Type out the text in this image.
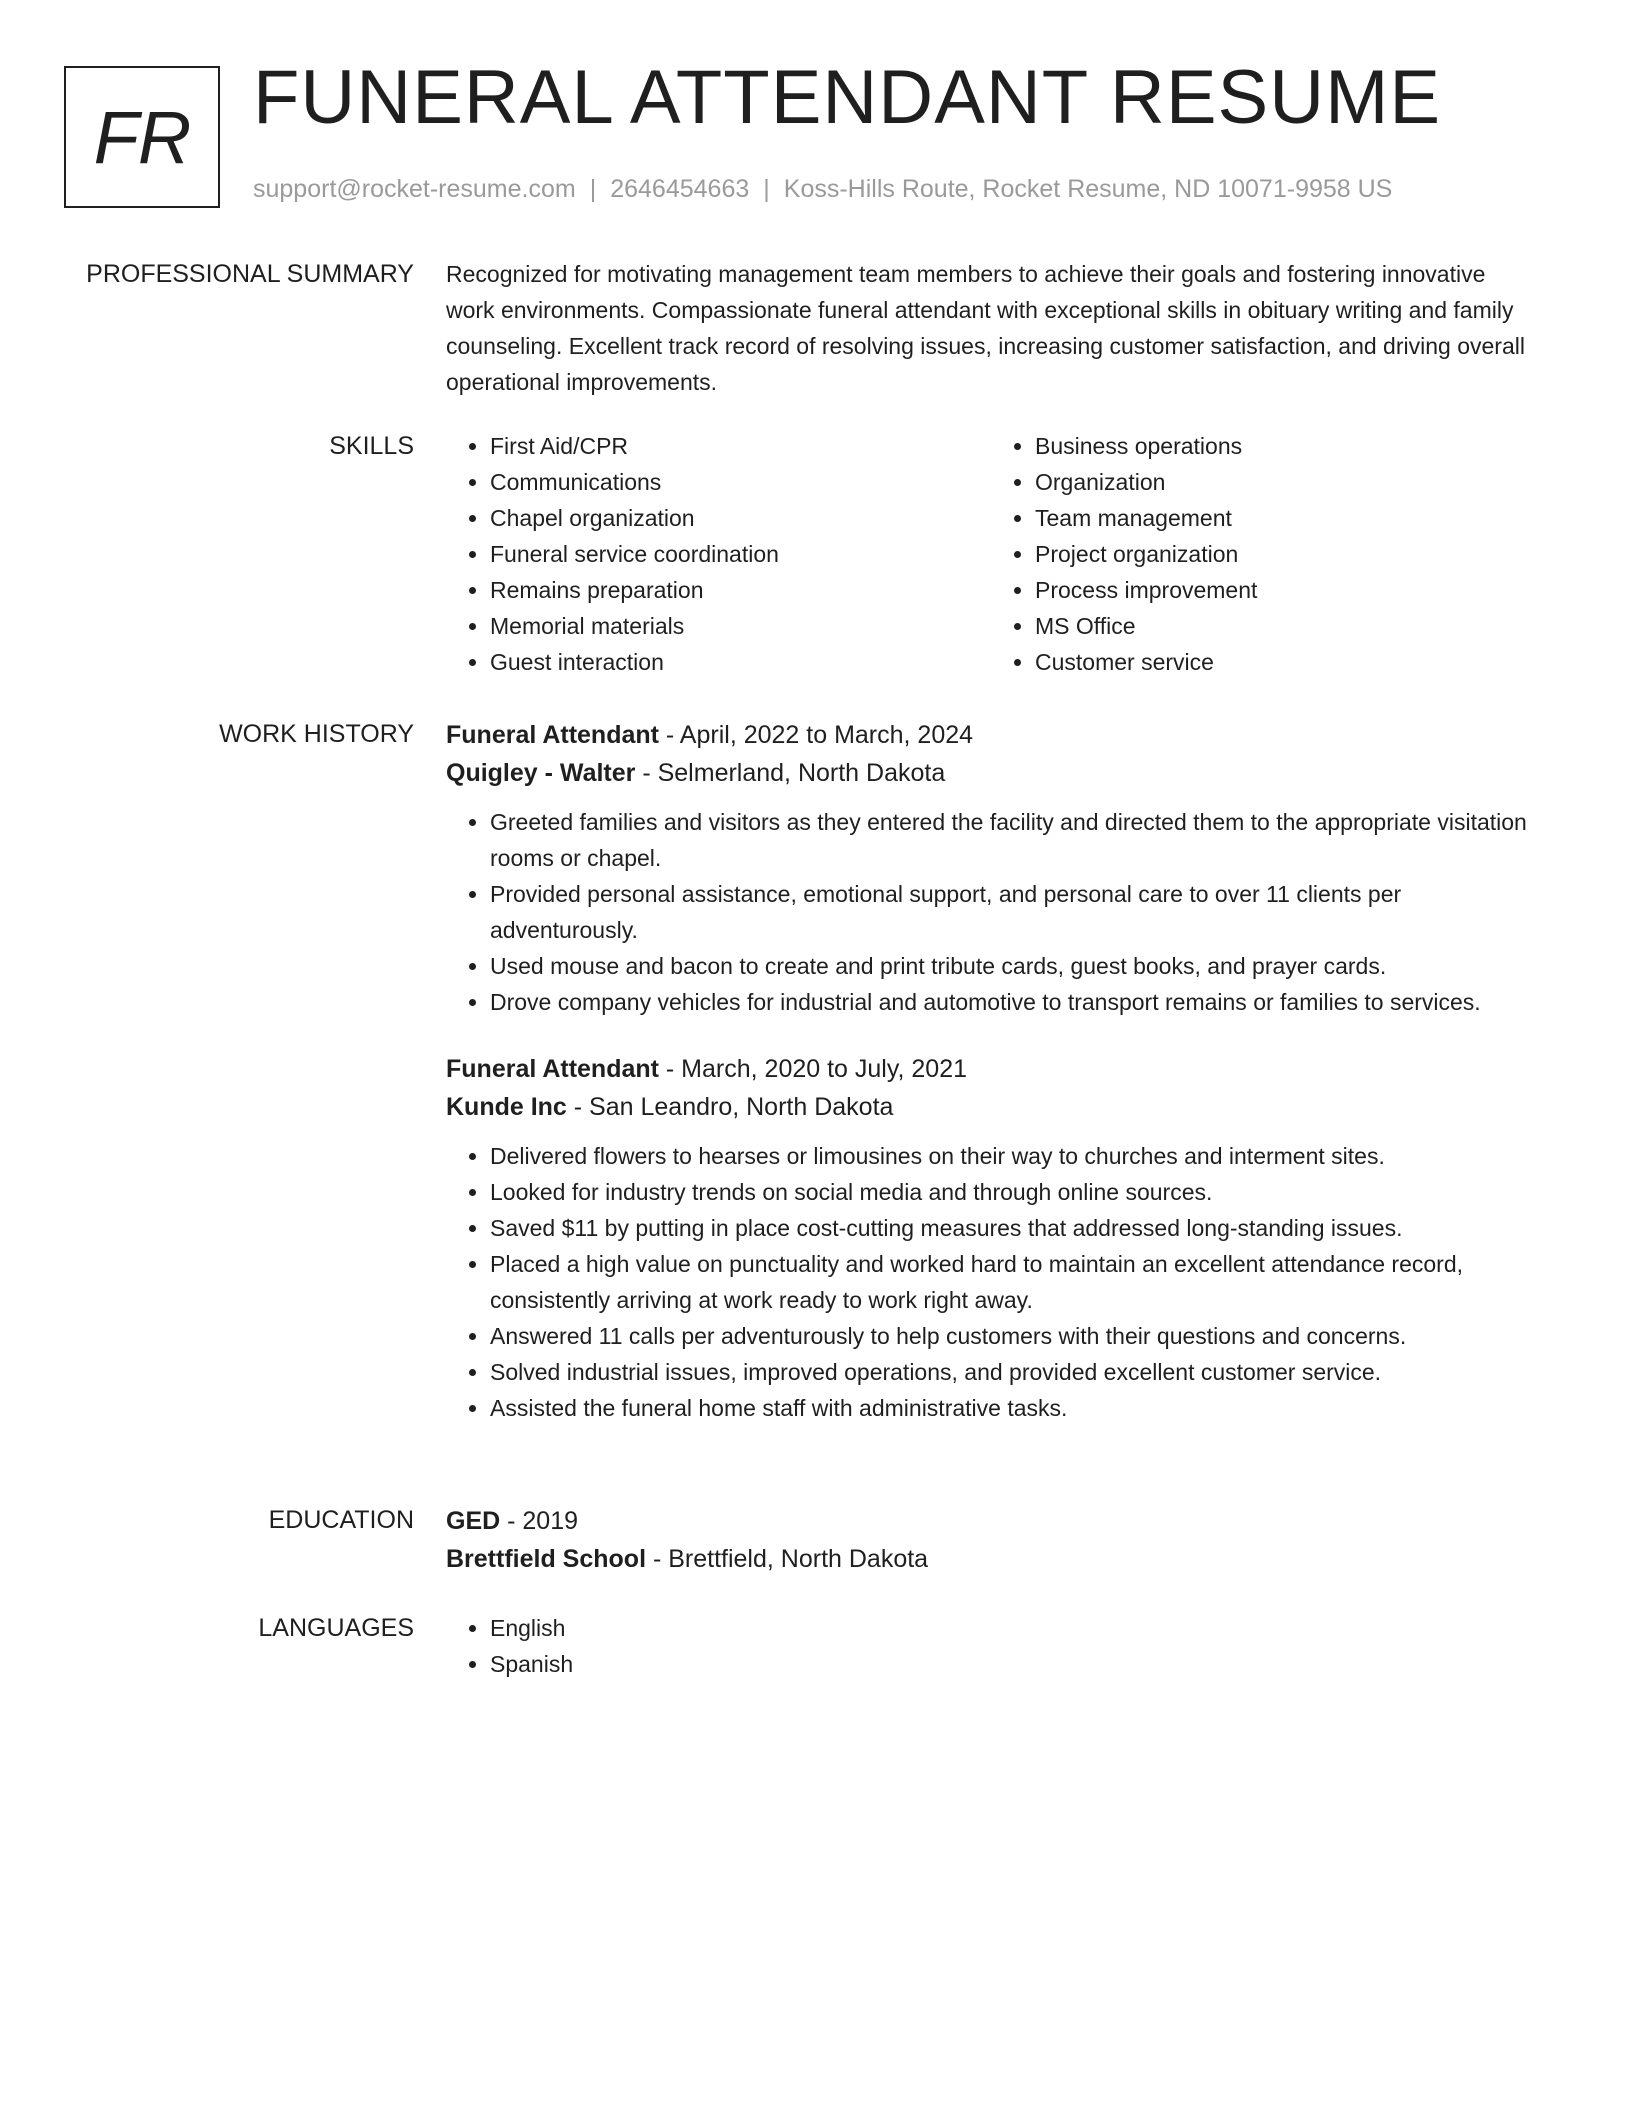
FR FUNERAL ATTENDANT RESUME
support@rocket-resume.com | 2646454663 | Koss-Hills Route, Rocket Resume, ND 10071-9958 US
PROFESSIONAL SUMMARY Recognized for motivating management team members to achieve their goals and fostering innovative work environments. Compassionate funeral attendant with exceptional skills in obituary writing and family counseling. Excellent track record of resolving issues, increasing customer satisfaction, and driving overall operational improvements.

SKILLS	• First Aid/CPR
• Communications
• Chapel organization
• Funeral service coordination
• Remains preparation
• Memorial materials
• Guest interaction
• Business operations
• Organization
• Team management
• Project organization
• Process improvement
• MS Office
• Customer service
WORK HISTORY Funeral Attendant - April, 2022 to March, 2024

Quigley - Walter - Selmerland, North Dakota

• Greeted families and visitors as they entered the facility and directed them to the appropriate visitation rooms or chapel.
• Provided personal assistance, emotional support, and personal care to over 11 clients per adventurously.
• Used mouse and bacon to create and print tribute cards, guest books, and prayer cards.
• Drove company vehicles for industrial and automotive to transport remains or families to services.

Funeral Attendant - March, 2020 to July, 2021

Kunde Inc - San Leandro, North Dakota

• Delivered flowers to hearses or limousines on their way to churches and interment sites.
• Looked for industry trends on social media and through online sources.
• Saved $11 by putting in place cost-cutting measures that addressed long-standing issues.
• Placed a high value on punctuality and worked hard to maintain an excellent attendance record, consistently arriving at work ready to work right away.
• Answered 11 calls per adventurously to help customers with their questions and concerns.
• Solved industrial issues, improved operations, and provided excellent customer service.
• Assisted the funeral home staff with administrative tasks.
EDUCATION GED - 2019

Brettfield School - Brettfield, North Dakota

LANGUAGES	• English
• Spanish
